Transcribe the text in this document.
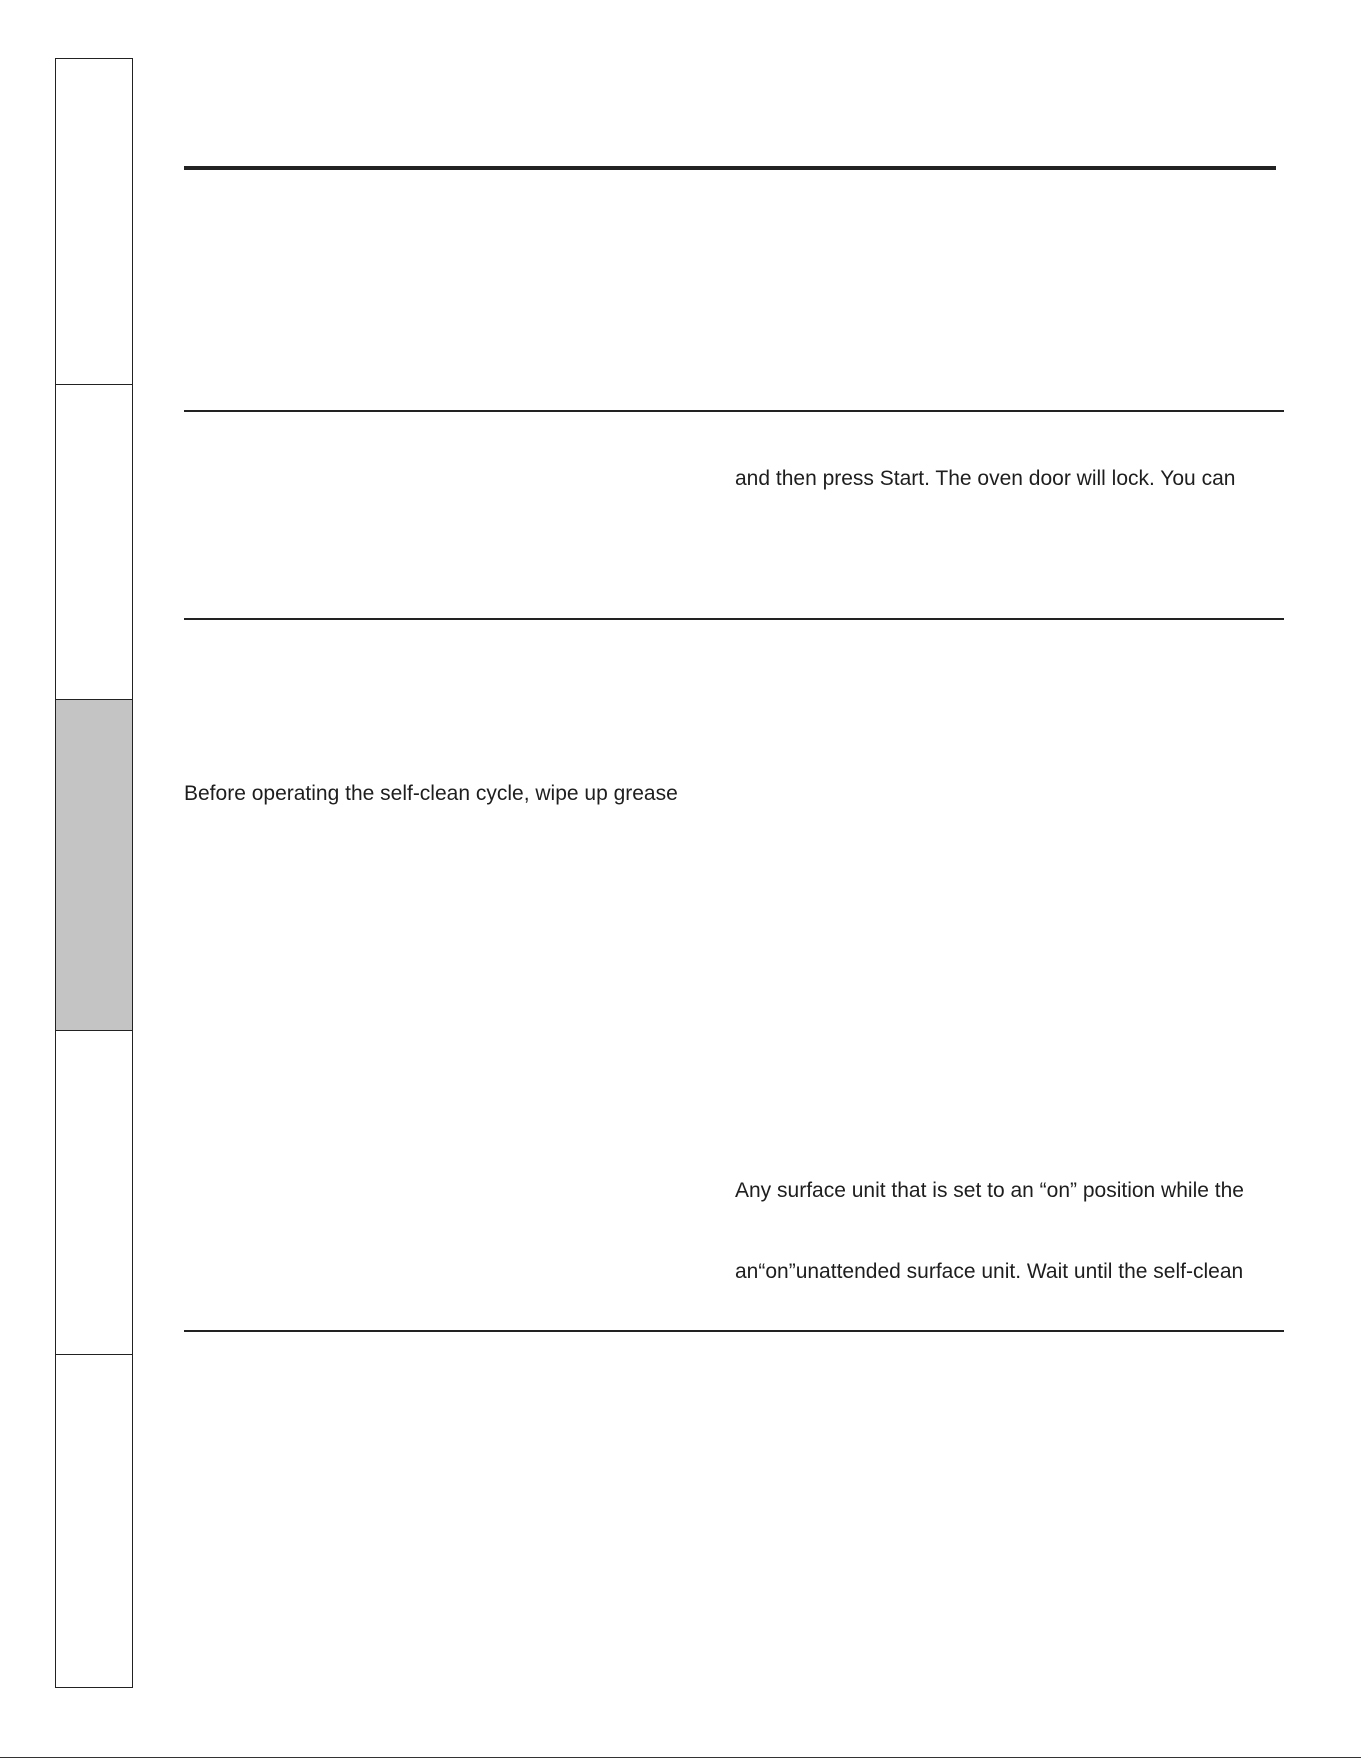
and then press Start. The oven door will lock. You can
Before operating the self-clean cycle, wipe up grease
Any surface unit that is set to an “on” position while the
an“on”unattended surface unit. Wait until the self-clean
